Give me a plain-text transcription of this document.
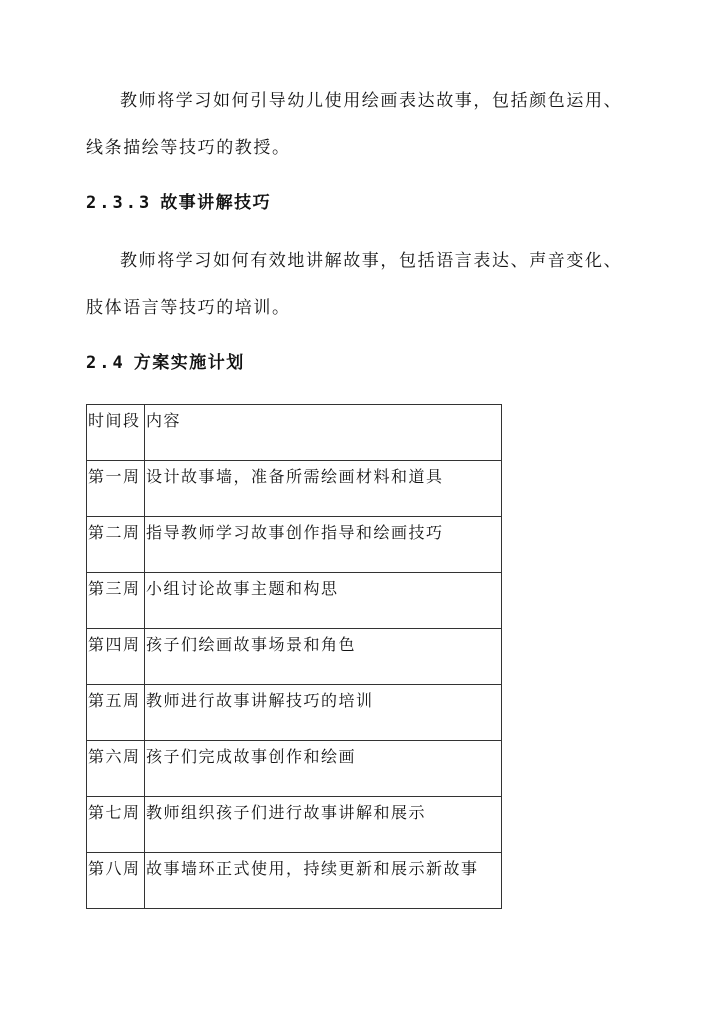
教师将学习如何引导幼儿使用绘画表达故事，包括颜色运用、

线条描绘等技巧的教授。

2.3.3 故事讲解技巧

教师将学习如何有效地讲解故事，包括语言表达、声音变化、

肢体语言等技巧的培训。

2.4 方案实施计划
时间段	内容
第一周	设计故事墙，准备所需绘画材料和道具
第二周	指导教师学习故事创作指导和绘画技巧
第三周	小组讨论故事主题和构思
第四周	孩子们绘画故事场景和角色
第五周	教师进行故事讲解技巧的培训
第六周	孩子们完成故事创作和绘画
第七周	教师组织孩子们进行故事讲解和展示
第八周	故事墙环正式使用，持续更新和展示新故事
